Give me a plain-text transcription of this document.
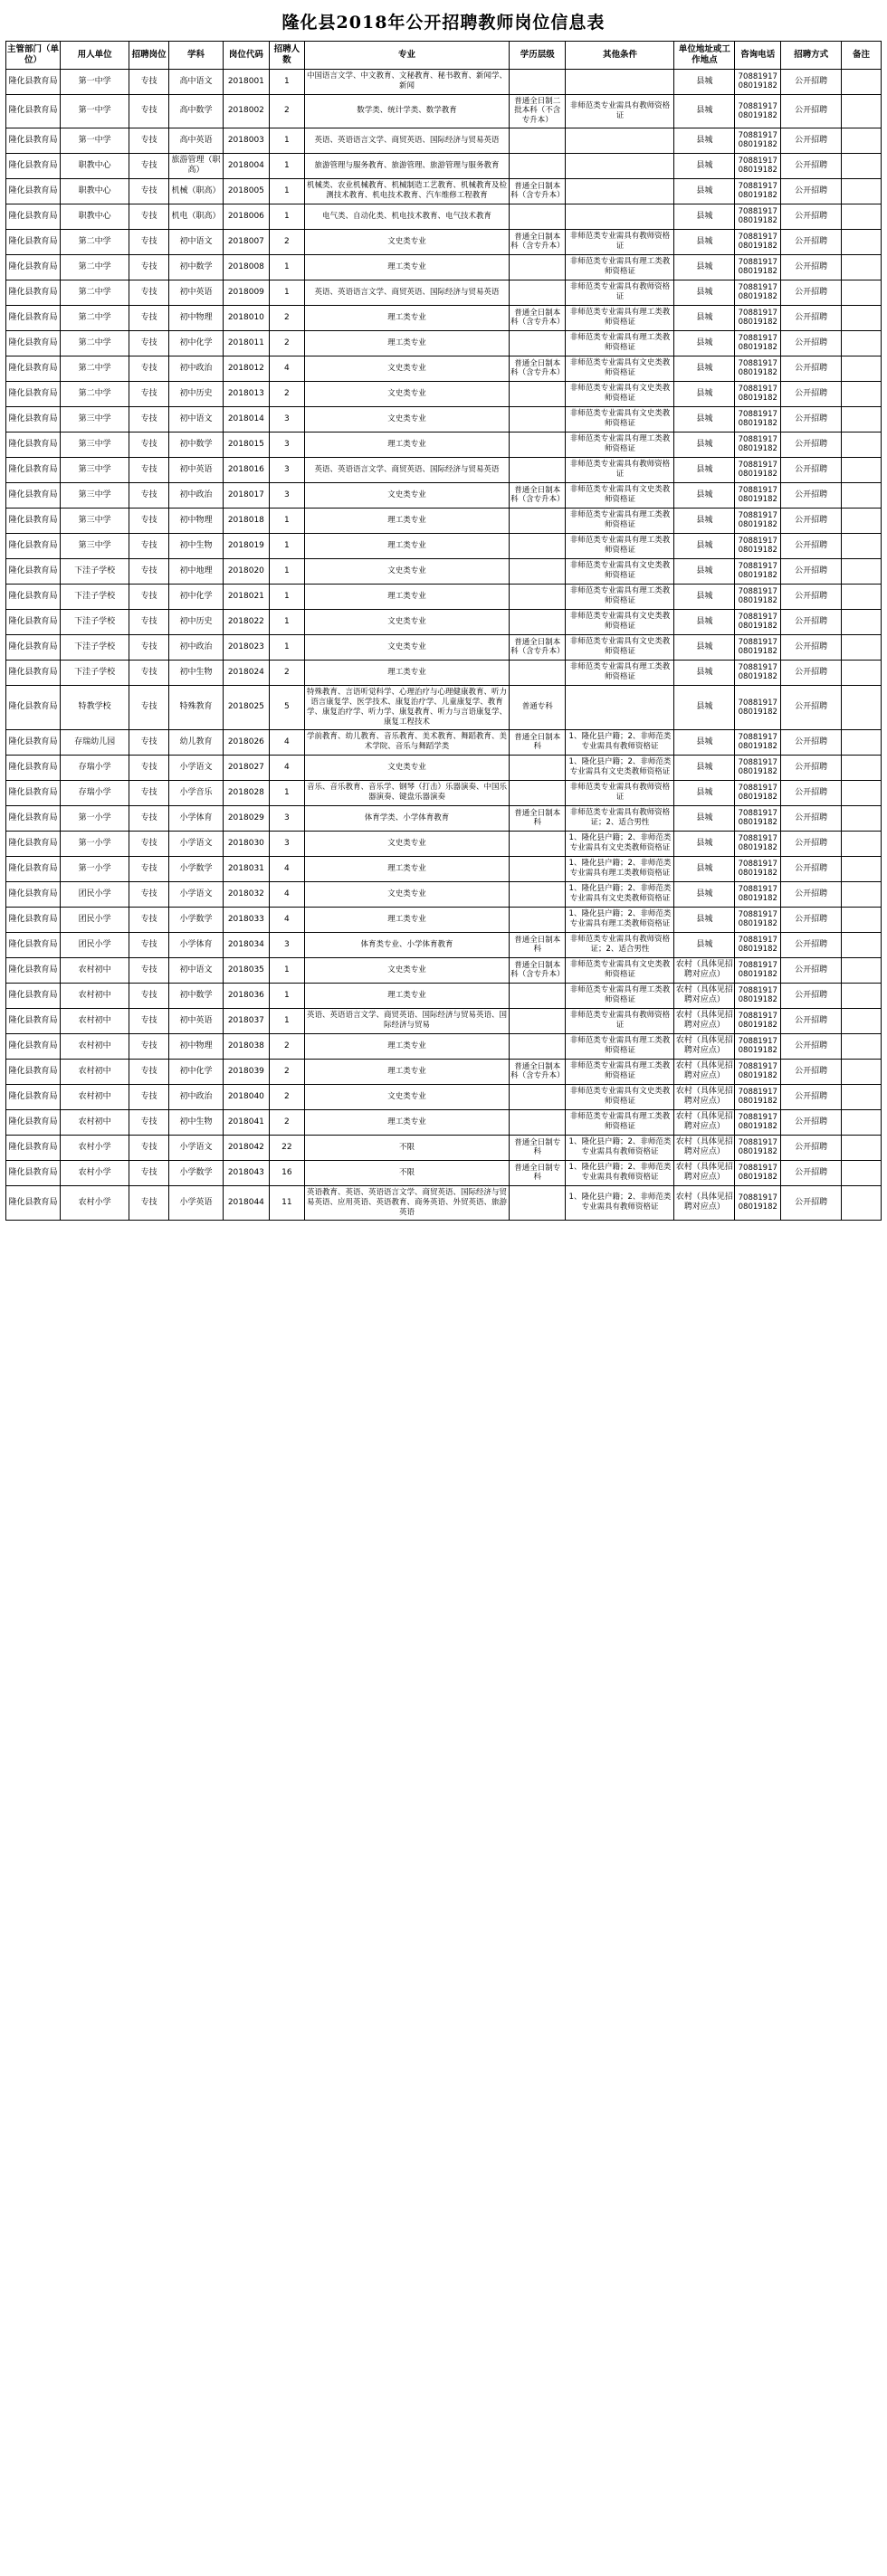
隆化县2018年公开招聘教师岗位信息表
主管部门（单位）	用人单位	招聘岗位	学科	岗位代码	招聘人数	专业	学历层级	其他条件	单位地址或工作地点	咨询电话	招聘方式	备注
隆化县教育局	第一中学	专技	高中语文	2018001	1	中国语言文学、中文教育、文秘教育、秘书教育、新闻学、新闻			县城	7088191708019182	公开招聘	
隆化县教育局	第一中学	专技	高中数学	2018002	2	数学类、统计学类、数学教育	普通全日制二批本科（不含专升本）	非师范类专业需具有教师资格证	县城	7088191708019182	公开招聘	
隆化县教育局	第一中学	专技	高中英语	2018003	1	英语、英语语言文学、商贸英语、国际经济与贸易英语			县城	7088191708019182	公开招聘	
隆化县教育局	职教中心	专技	旅游管理（职高）	2018004	1	旅游管理与服务教育、旅游管理、旅游管理与服务教育			县城	7088191708019182	公开招聘	
隆化县教育局	职教中心	专技	机械（职高）	2018005	1	机械类、农业机械教育、机械制造工艺教育、机械教育及检测技术教育、机电技术教育、汽车维修工程教育	普通全日制本科（含专升本）		县城	7088191708019182	公开招聘	
隆化县教育局	职教中心	专技	机电（职高）	2018006	1	电气类、自动化类、机电技术教育、电气技术教育			县城	7088191708019182	公开招聘	
隆化县教育局	第二中学	专技	初中语文	2018007	2	文史类专业	普通全日制本科（含专升本）	非师范类专业需具有教师资格证	县城	7088191708019182	公开招聘	
隆化县教育局	第二中学	专技	初中数学	2018008	1	理工类专业		非师范类专业需具有理工类教师资格证	县城	7088191708019182	公开招聘	
隆化县教育局	第二中学	专技	初中英语	2018009	1	英语、英语语言文学、商贸英语、国际经济与贸易英语		非师范类专业需具有教师资格证	县城	7088191708019182	公开招聘	
隆化县教育局	第二中学	专技	初中物理	2018010	2	理工类专业	普通全日制本科（含专升本）	非师范类专业需具有理工类教师资格证	县城	7088191708019182	公开招聘	
隆化县教育局	第二中学	专技	初中化学	2018011	2	理工类专业		非师范类专业需具有理工类教师资格证	县城	7088191708019182	公开招聘	
隆化县教育局	第二中学	专技	初中政治	2018012	4	文史类专业	普通全日制本科（含专升本）	非师范类专业需具有文史类教师资格证	县城	7088191708019182	公开招聘	
隆化县教育局	第二中学	专技	初中历史	2018013	2	文史类专业		非师范类专业需具有文史类教师资格证	县城	7088191708019182	公开招聘	
隆化县教育局	第三中学	专技	初中语文	2018014	3	文史类专业		非师范类专业需具有文史类教师资格证	县城	7088191708019182	公开招聘	
隆化县教育局	第三中学	专技	初中数学	2018015	3	理工类专业		非师范类专业需具有理工类教师资格证	县城	7088191708019182	公开招聘	
隆化县教育局	第三中学	专技	初中英语	2018016	3	英语、英语语言文学、商贸英语、国际经济与贸易英语		非师范类专业需具有教师资格证	县城	7088191708019182	公开招聘	
隆化县教育局	第三中学	专技	初中政治	2018017	3	文史类专业	普通全日制本科（含专升本）	非师范类专业需具有文史类教师资格证	县城	7088191708019182	公开招聘	
隆化县教育局	第三中学	专技	初中物理	2018018	1	理工类专业		非师范类专业需具有理工类教师资格证	县城	7088191708019182	公开招聘	
隆化县教育局	第三中学	专技	初中生物	2018019	1	理工类专业		非师范类专业需具有理工类教师资格证	县城	7088191708019182	公开招聘	
隆化县教育局	下洼子学校	专技	初中地理	2018020	1	文史类专业		非师范类专业需具有文史类教师资格证	县城	7088191708019182	公开招聘	
隆化县教育局	下洼子学校	专技	初中化学	2018021	1	理工类专业		非师范类专业需具有理工类教师资格证	县城	7088191708019182	公开招聘	
隆化县教育局	下洼子学校	专技	初中历史	2018022	1	文史类专业		非师范类专业需具有文史类教师资格证	县城	7088191708019182	公开招聘	
隆化县教育局	下洼子学校	专技	初中政治	2018023	1	文史类专业	普通全日制本科（含专升本）	非师范类专业需具有文史类教师资格证	县城	7088191708019182	公开招聘	
隆化县教育局	下洼子学校	专技	初中生物	2018024	2	理工类专业		非师范类专业需具有理工类教师资格证	县城	7088191708019182	公开招聘	
隆化县教育局	特教学校	专技	特殊教育	2018025	5	特殊教育、言语听觉科学、心理治疗与心理健康教育、听力语言康复学、医学技术、康复治疗学、儿童康复学、教育学、康复治疗学、听力学、康复教育、听力与言语康复学、康复工程技术	普通专科		县城	7088191708019182	公开招聘	
隆化县教育局	存瑞幼儿园	专技	幼儿教育	2018026	4	学前教育、幼儿教育、音乐教育、美术教育、舞蹈教育、美术学院、音乐与舞蹈学类	普通全日制本科	1、隆化县户籍；2、非师范类专业需具有教师资格证	县城	7088191708019182	公开招聘	
隆化县教育局	存瑞小学	专技	小学语文	2018027	4	文史类专业		1、隆化县户籍；2、非师范类专业需具有文史类教师资格证	县城	7088191708019182	公开招聘	
隆化县教育局	存瑞小学	专技	小学音乐	2018028	1	音乐、音乐教育、音乐学、钢琴（打击）乐器演奏、中国乐器演奏、键盘乐器演奏		非师范类专业需具有教师资格证	县城	7088191708019182	公开招聘	
隆化县教育局	第一小学	专技	小学体育	2018029	3	体育学类、小学体育教育	普通全日制本科	非师范类专业需具有教师资格证；2、适合男性	县城	7088191708019182	公开招聘	
隆化县教育局	第一小学	专技	小学语文	2018030	3	文史类专业		1、隆化县户籍；2、非师范类专业需具有文史类教师资格证	县城	7088191708019182	公开招聘	
隆化县教育局	第一小学	专技	小学数学	2018031	4	理工类专业		1、隆化县户籍；2、非师范类专业需具有理工类教师资格证	县城	7088191708019182	公开招聘	
隆化县教育局	团民小学	专技	小学语文	2018032	4	文史类专业		1、隆化县户籍；2、非师范类专业需具有文史类教师资格证	县城	7088191708019182	公开招聘	
隆化县教育局	团民小学	专技	小学数学	2018033	4	理工类专业		1、隆化县户籍；2、非师范类专业需具有理工类教师资格证	县城	7088191708019182	公开招聘	
隆化县教育局	团民小学	专技	小学体育	2018034	3	体育类专业、小学体育教育	普通全日制本科	非师范类专业需具有教师资格证；2、适合男性	县城	7088191708019182	公开招聘	
隆化县教育局	农村初中	专技	初中语文	2018035	1	文史类专业	普通全日制本科（含专升本）	非师范类专业需具有文史类教师资格证	农村（具体见招聘对应点）	7088191708019182	公开招聘	
隆化县教育局	农村初中	专技	初中数学	2018036	1	理工类专业		非师范类专业需具有理工类教师资格证	农村（具体见招聘对应点）	7088191708019182	公开招聘	
隆化县教育局	农村初中	专技	初中英语	2018037	1	英语、英语语言文学、商贸英语、国际经济与贸易英语、国际经济与贸易		非师范类专业需具有教师资格证	农村（具体见招聘对应点）	7088191708019182	公开招聘	
隆化县教育局	农村初中	专技	初中物理	2018038	2	理工类专业		非师范类专业需具有理工类教师资格证	农村（具体见招聘对应点）	7088191708019182	公开招聘	
隆化县教育局	农村初中	专技	初中化学	2018039	2	理工类专业	普通全日制本科（含专升本）	非师范类专业需具有理工类教师资格证	农村（具体见招聘对应点）	7088191708019182	公开招聘	
隆化县教育局	农村初中	专技	初中政治	2018040	2	文史类专业		非师范类专业需具有文史类教师资格证	农村（具体见招聘对应点）	7088191708019182	公开招聘	
隆化县教育局	农村初中	专技	初中生物	2018041	2	理工类专业		非师范类专业需具有理工类教师资格证	农村（具体见招聘对应点）	7088191708019182	公开招聘	
隆化县教育局	农村小学	专技	小学语文	2018042	22	不限	普通全日制专科	1、隆化县户籍；2、非师范类专业需具有教师资格证	农村（具体见招聘对应点）	7088191708019182	公开招聘	
隆化县教育局	农村小学	专技	小学数学	2018043	16	不限	普通全日制专科	1、隆化县户籍；2、非师范类专业需具有教师资格证	农村（具体见招聘对应点）	7088191708019182	公开招聘	
隆化县教育局	农村小学	专技	小学英语	2018044	11	英语教育、英语、英语语言文学、商贸英语、国际经济与贸易英语、应用英语、英语教育、商务英语、外贸英语、旅游英语		1、隆化县户籍；2、非师范类专业需具有教师资格证	农村（具体见招聘对应点）	7088191708019182	公开招聘	
